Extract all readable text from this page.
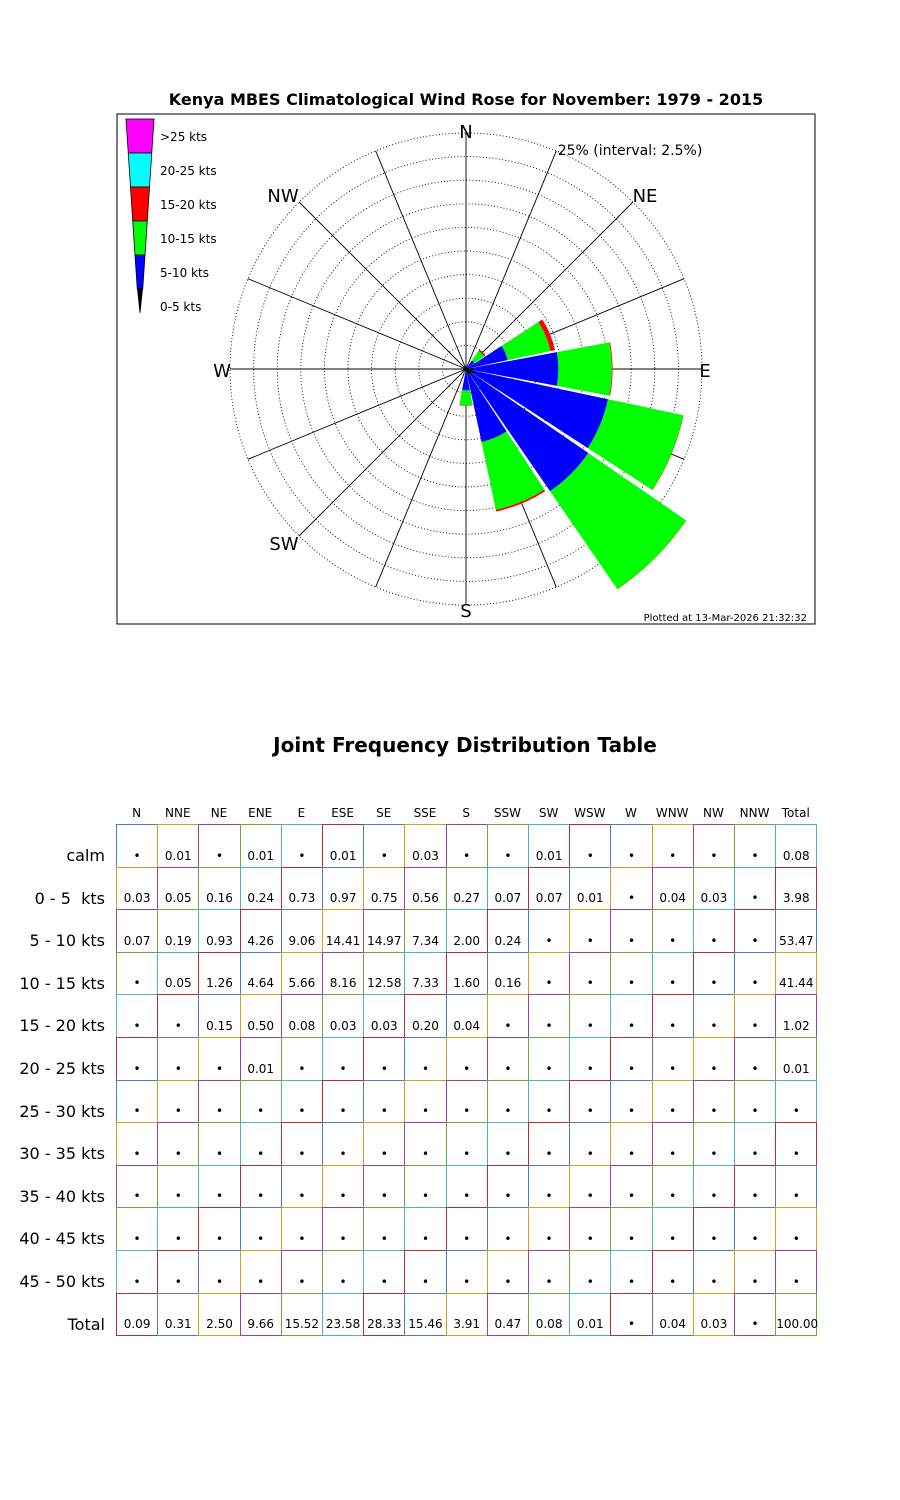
Kenya MBES Climatological Wind Rose for November: 1979 - 2015
>25 kts
20-25 kts
15-20 kts
10-15 kts
5-10 kts
0-5 kts
N
NE
E
S
SW
W
NW
25% (interval: 2.5%)
Plotted at 13-Mar-2026 21:32:32
Joint Frequency Distribution Table
N	NNE	NE	ENE	E	ESE	SE	SSE	S	SSW	SW	WSW	W	WNW	NW	NNW	Total
calm	•	0.01	•	0.01	•	0.01	•	0.03	•	•	0.01	•	•	•	•	•	0.08
0 - 5  kts	0.03	0.05	0.16	0.24	0.73	0.97	0.75	0.56	0.27	0.07	0.07	0.01	•	0.04	0.03	•	3.98
5 - 10 kts	0.07	0.19	0.93	4.26	9.06 14.41 14.97 7.34	2.00	0.24	•	•	•	•	•	•	53.47
10 - 15 kts	•	0.05	1.26	4.64	5.66	8.16 12.58 7.33	1.60	0.16	•	•	•	•	•	•	41.44
15 - 20 kts	•	•	0.15	0.50	0.08	0.03	0.03	0.20	0.04	•	•	•	•	•	•	•	1.02
20 - 25 kts	•	•	•	0.01	•	•	•	•	•	•	•	•	•	•	•	•	0.01
25 - 30 kts	•	•	•	•	•	•	•	•	•	•	•	•	•	•	•	•	•
30 - 35 kts	•	•	•	•	•	•	•	•	•	•	•	•	•	•	•	•	•
35 - 40 kts	•	•	•	•	•	•	•	•	•	•	•	•	•	•	•	•	•
40 - 45 kts	•	•	•	•	•	•	•	•	•	•	•	•	•	•	•	•	•
45 - 50 kts	•	•	•	•	•	•	•	•	•	•	•	•	•	•	•	•	•
Total	0.09	0.31	2.50	9.66 15.52 23.58 28.33 15.46 3.91	0.47	0.08	0.01	•	0.04	0.03	•	100.00
